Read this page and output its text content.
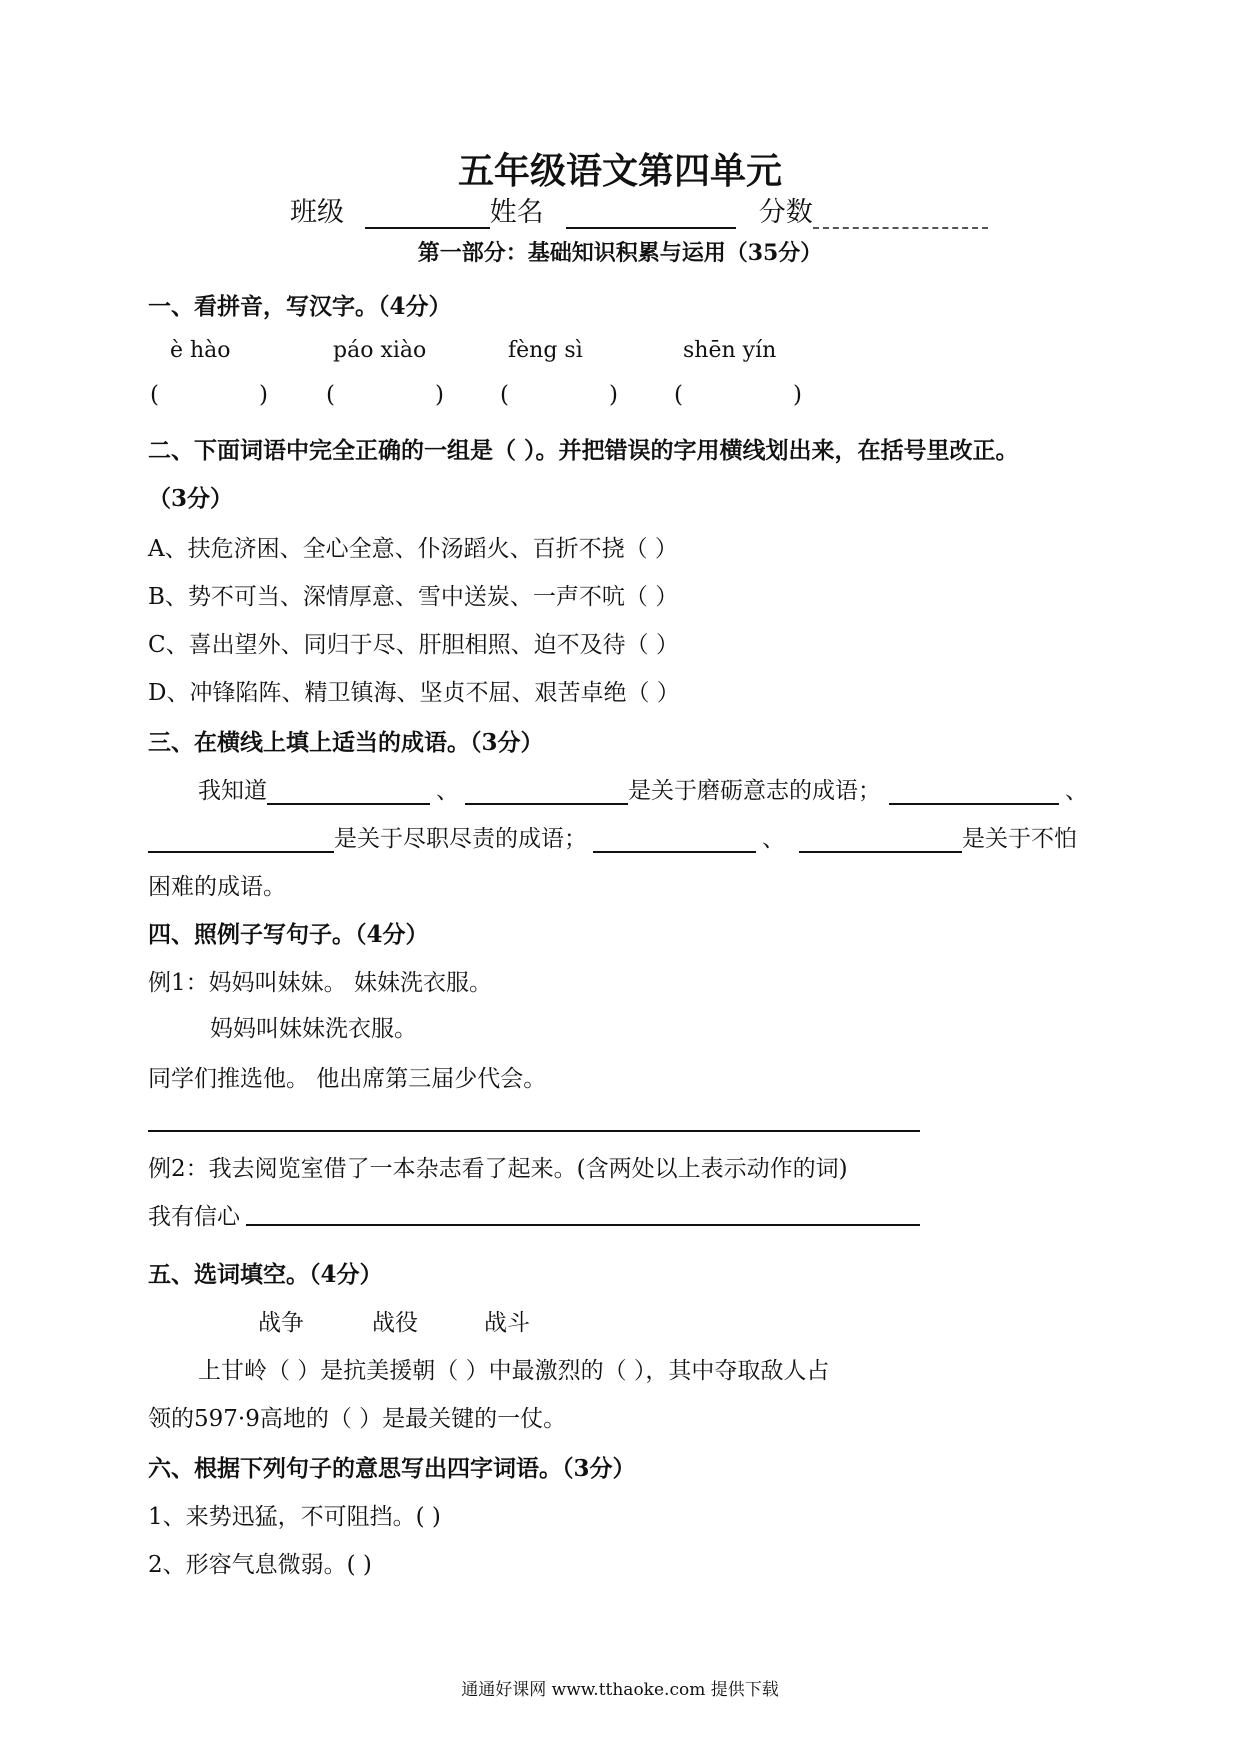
五年级语文第四单元
班级	姓名	分数
第一部分：基础知识积累与运用（35分）
一、看拼音，写汉字。（4分）
è hào	páo xiào	fèng sì	shēn yín
(	)	(	) (	) (	)
二、下面词语中完全正确的一组是（ ）。并把错误的字用横线划出来，在括号里改正。
（3分）
A、扶危济困、全心全意、仆汤蹈火、百折不挠（ ）
B、势不可当、深情厚意、雪中送炭、一声不吭（ ）
C、喜出望外、同归于尽、肝胆相照、迫不及待（ ）
D、冲锋陷阵、精卫镇海、坚贞不屈、艰苦卓绝（ ）
三、在横线上填上适当的成语。（3分）
我知道	、	是关于磨砺意志的成语；	、
是关于尽职尽责的成语；	、	是关于不怕
困难的成语。
四、照例子写句子。（4分）
例1：妈妈叫妹妹。 妹妹洗衣服。
妈妈叫妹妹洗衣服。
同学们推选他。 他出席第三届少代会。
例2：我去阅览室借了一本杂志看了起来。(含两处以上表示动作的词)
我有信心
五、选词填空。（4分）
战争	战役	战斗
上甘岭（ ）是抗美援朝（ ）中最激烈的（ ），其中夺取敌人占
领的597·9高地的（ ）是最关键的一仗。
六、根据下列句子的意思写出四字词语。（3分）
1、来势迅猛，不可阻挡。( )
2、形容气息微弱。( )
通通好课网 www.tthaoke.com 提供下载
